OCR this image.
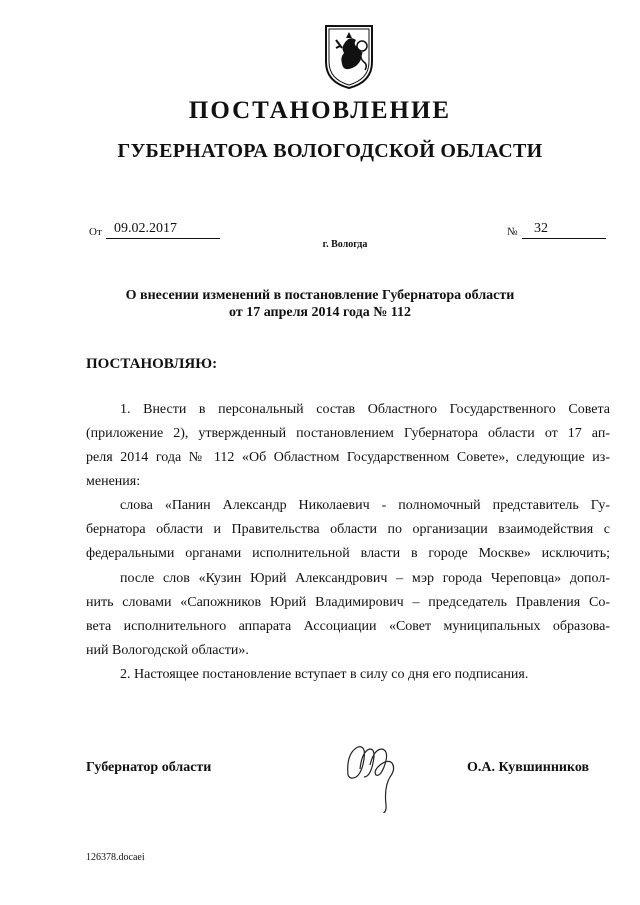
ПОСТАНОВЛЕНИЕ
ГУБЕРНАТОРА ВОЛОГОДСКОЙ ОБЛАСТИ
От 09.02.2017	№ 32
г. Вологда
О внесении изменений в постановление Губернатора области
от 17 апреля 2014 года № 112
ПОСТАНОВЛЯЮ:
1. Внести в персональный состав Областного Государственного Совета
(приложение 2), утвержденный постановлением Губернатора области от 17 ап-
реля 2014 года № 112 «Об Областном Государственном Совете», следующие из-
менения:
слова «Панин Александр Николаевич - полномочный представитель Гу-
бернатора области и Правительства области по организации взаимодействия с
федеральными органами исполнительной власти в городе Москве» исключить;
после слов «Кузин Юрий Александрович – мэр города Череповца» допол-
нить словами «Сапожников Юрий Владимирович – председатель Правления Со-
вета исполнительного аппарата Ассоциации «Совет муниципальных образова-
ний Вологодской области».
2. Настоящее постановление вступает в силу со дня его подписания.
Губернатор области	О.А. Кувшинников
126378.docaei
